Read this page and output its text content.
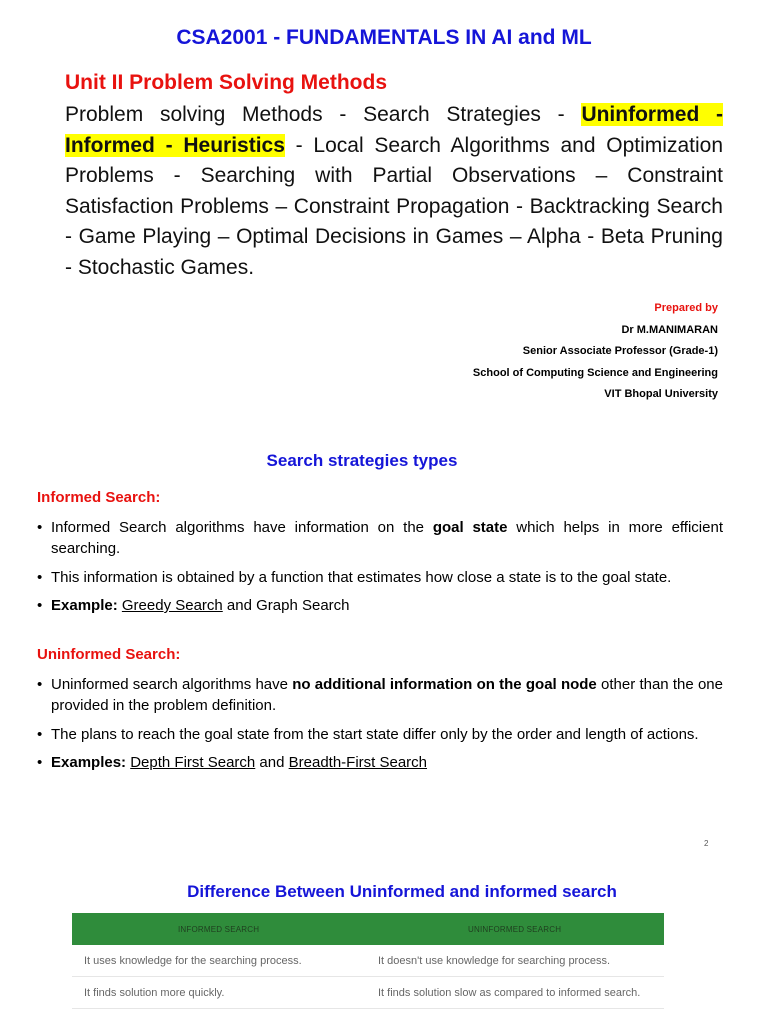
CSA2001 - FUNDAMENTALS IN AI and ML
Unit II Problem Solving Methods
Problem solving Methods - Search Strategies - Uninformed - Informed - Heuristics - Local Search Algorithms and Optimization Problems - Searching with Partial Observations – Constraint Satisfaction Problems – Constraint Propagation - Backtracking Search - Game Playing – Optimal Decisions in Games – Alpha - Beta Pruning - Stochastic Games.
Prepared by
Dr M.MANIMARAN
Senior Associate Professor (Grade-1)
School of Computing Science and Engineering
VIT Bhopal University
Search strategies types
Informed Search:
• Informed Search algorithms have information on the goal state which helps in more efficient searching.
• This information is obtained by a function that estimates how close a state is to the goal state.
• Example: Greedy Search and Graph Search
Uninformed Search:
• Uninformed search algorithms have no additional information on the goal node other than the one provided in the problem definition.
• The plans to reach the goal state from the start state differ only by the order and length of actions.
• Examples: Depth First Search and Breadth-First Search
2
Difference Between Uninformed and informed search
INFORMED SEARCH	UNINFORMED SEARCH
It uses knowledge for the searching process.	It doesn't use knowledge for searching process.
It finds solution more quickly.	It finds solution slow as compared to informed search.
